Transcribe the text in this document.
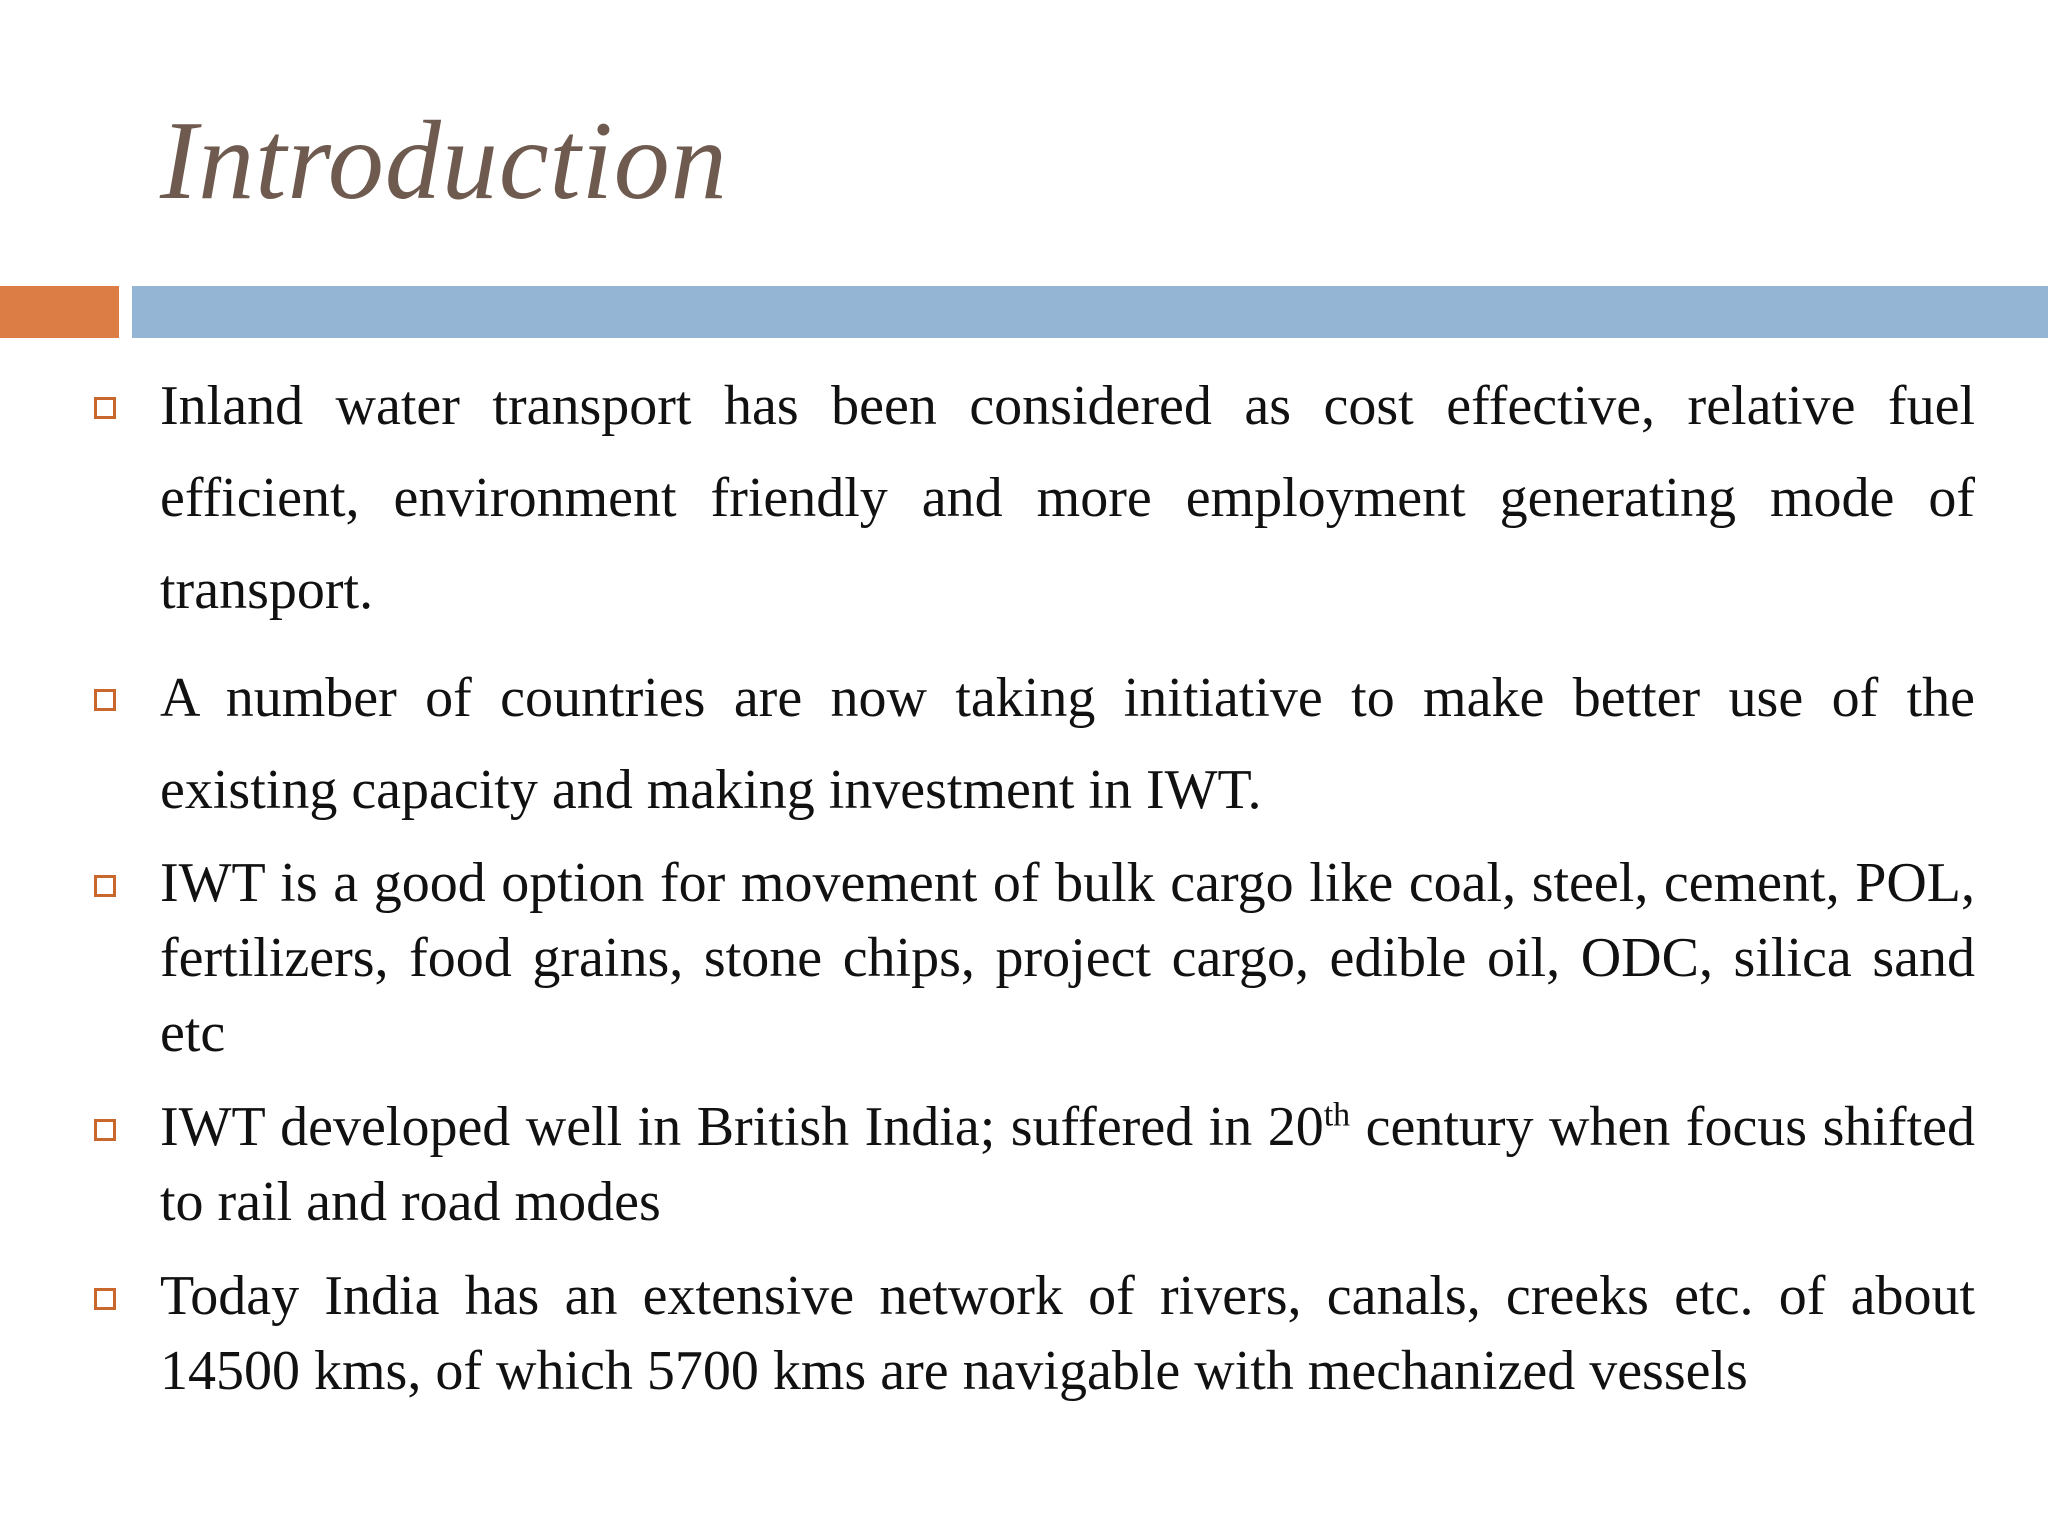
Introduction
Inland water transport has been considered as cost effective, relative fuel efficient, environment friendly and more employment generating mode of transport.
A number of countries are now taking initiative to make better use of the existing capacity and making investment in IWT.
IWT is a good option for movement of bulk cargo like coal, steel, cement, POL, fertilizers, food grains, stone chips, project cargo, edible oil, ODC, silica sand etc
IWT developed well in British India; suffered in 20th century when focus shifted to rail and road modes
Today India has an extensive network of rivers, canals, creeks etc. of about 14500 kms, of which 5700 kms are navigable with mechanized vessels
